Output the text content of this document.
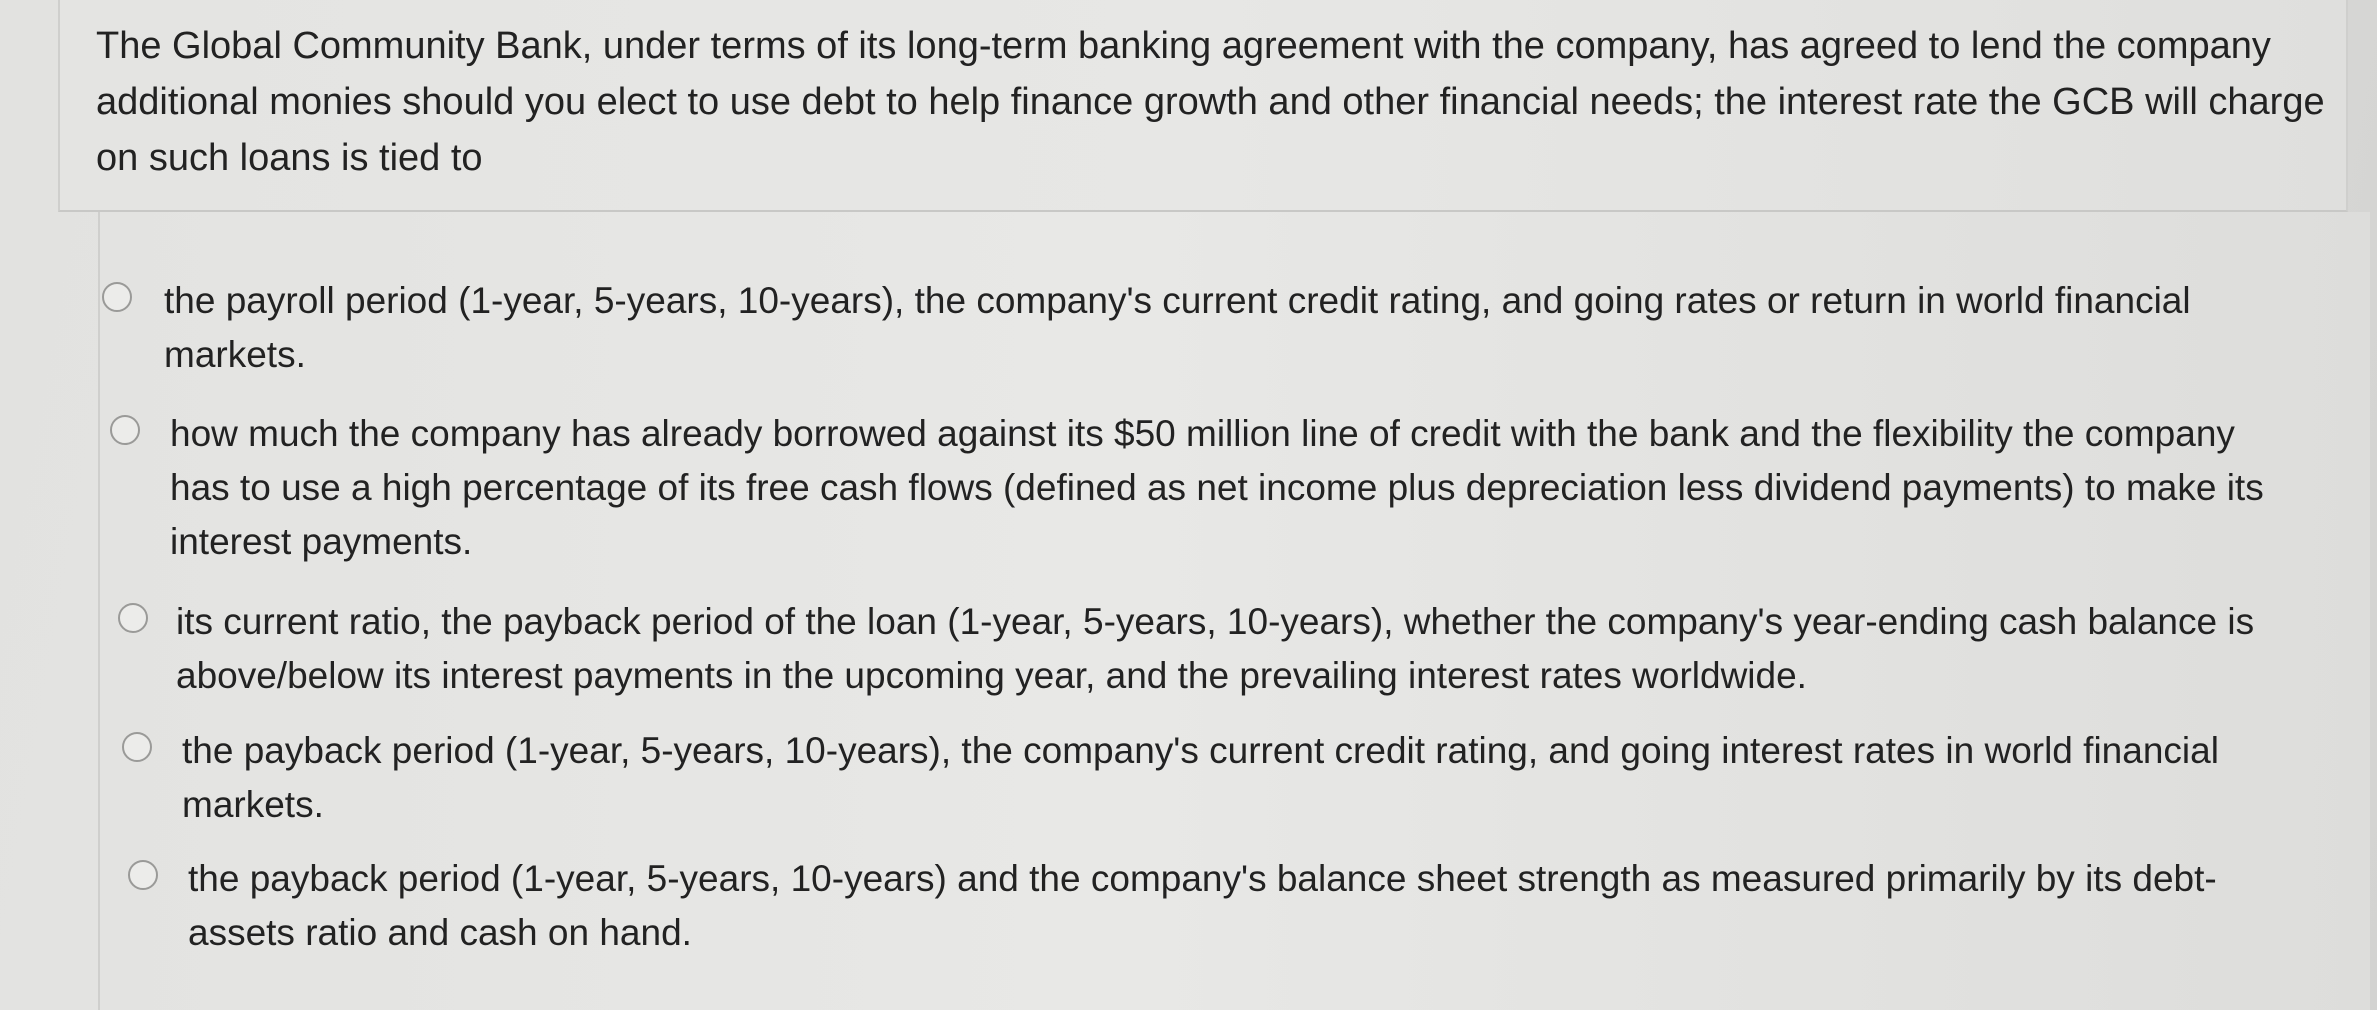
The Global Community Bank, under terms of its long-term banking agreement with the company, has agreed to lend the company additional monies should you elect to use debt to help finance growth and other financial needs; the interest rate the GCB will charge on such loans is tied to

the payroll period (1-year, 5-years, 10-years), the company's current credit rating, and going rates or return in world financial markets.

how much the company has already borrowed against its $50 million line of credit with the bank and the flexibility the company has to use a high percentage of its free cash flows (defined as net income plus depreciation less dividend payments) to make its interest payments.

its current ratio, the payback period of the loan (1-year, 5-years, 10-years), whether the company's year-ending cash balance is above/below its interest payments in the upcoming year, and the prevailing interest rates worldwide.

the payback period (1-year, 5-years, 10-years), the company's current credit rating, and going interest rates in world financial markets.

the payback period (1-year, 5-years, 10-years) and the company's balance sheet strength as measured primarily by its debt-assets ratio and cash on hand.
